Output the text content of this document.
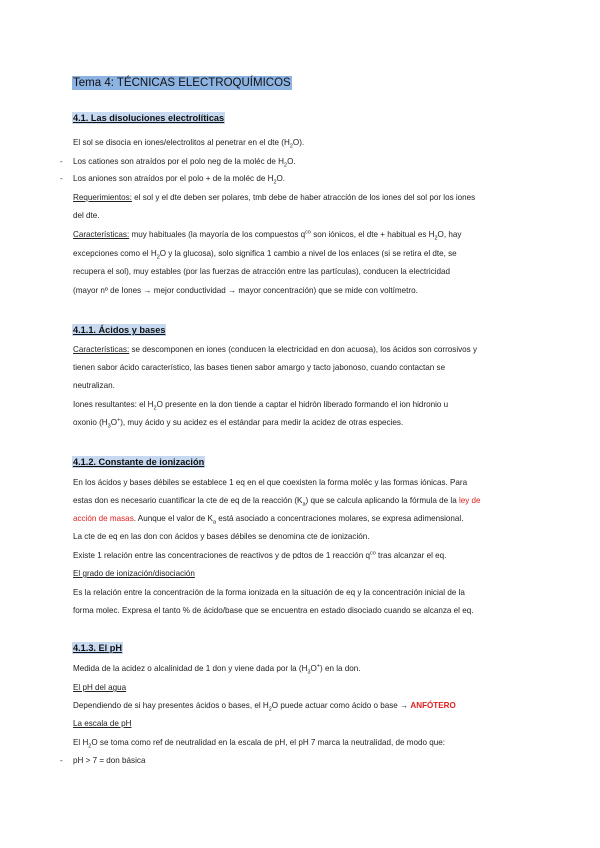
Tema 4: TÉCNICAS ELECTROQUÍMICOS
4.1. Las disoluciones electrolíticas
El sol se disocia en iones/electrolitos al penetrar en el dte $(H_2O)$.
- Los cationes son atraídos por el polo neg de la moléc de $H_2O$.
- Los aniones son atraídos por el polo + de la moléc de $H_2O$.
Requerimientos: el sol y el dte deben ser polares, tmb debe de haber atracción de los iones del sol por los iones
del dte.
Características: muy habituales (la mayoría de los compuestos $q^{co}$ son iónicos, el dte + habitual es $H_2O$, hay
excepciones como el $H_2O$ y la glucosa), solo significa 1 cambio a nivel de los enlaces (si se retira el dte, se
recupera el sol), muy estables (por las fuerzas de atracción entre las partículas), conducen la electricidad
(mayor nº de Iones → mejor conductividad → mayor concentración) que se mide con voltímetro.
4.1.1. Ácidos y bases
Características: se descomponen en iones (conducen la electricidad en don acuosa), los ácidos son corrosivos y
tienen sabor ácido característico, las bases tienen sabor amargo y tacto jabonoso, cuando contactan se
neutralizan.
Iones resultantes: el $H_2O$ presente en la don tiende a captar el hidrón liberado formando el ion hidronio u
oxonio $(H_3O^+)$, muy ácido y su acidez es el estándar para medir la acidez de otras especies.
4.1.2. Constante de ionización
En los ácidos y bases débiles se establece 1 eq en el que coexisten la forma moléc y las formas iónicas. Para
estas don es necesario cuantificar la cte de eq de la reacción $(K_a)$ que se calcula aplicando la fórmula de la ley de
acción de masas. Aunque el valor de $K_a$ está asociado a concentraciones molares, se expresa adimensional.
La cte de eq en las don con ácidos y bases débiles se denomina cte de ionización.
Existe 1 relación entre las concentraciones de reactivos y de pdtos de 1 reacción $q^{co}$ tras alcanzar el eq.
El grado de ionización/disociación
Es la relación entre la concentración de la forma ionizada en la situación de eq y la concentración inicial de la
forma molec. Expresa el tanto % de ácido/base que se encuentra en estado disociado cuando se alcanza el eq.
4.1.3. El pH
Medida de la acidez o alcalinidad de 1 don y viene dada por la $(H_3O^+)$ en la don.
El pH del agua
Dependiendo de si hay presentes ácidos o bases, el $H_2O$ puede actuar como ácido o base → ANFÓTERO
La escala de pH
El $H_2O$ se toma como ref de neutralidad en la escala de pH, el pH 7 marca la neutralidad, de modo que:
- pH > 7 = don básica
